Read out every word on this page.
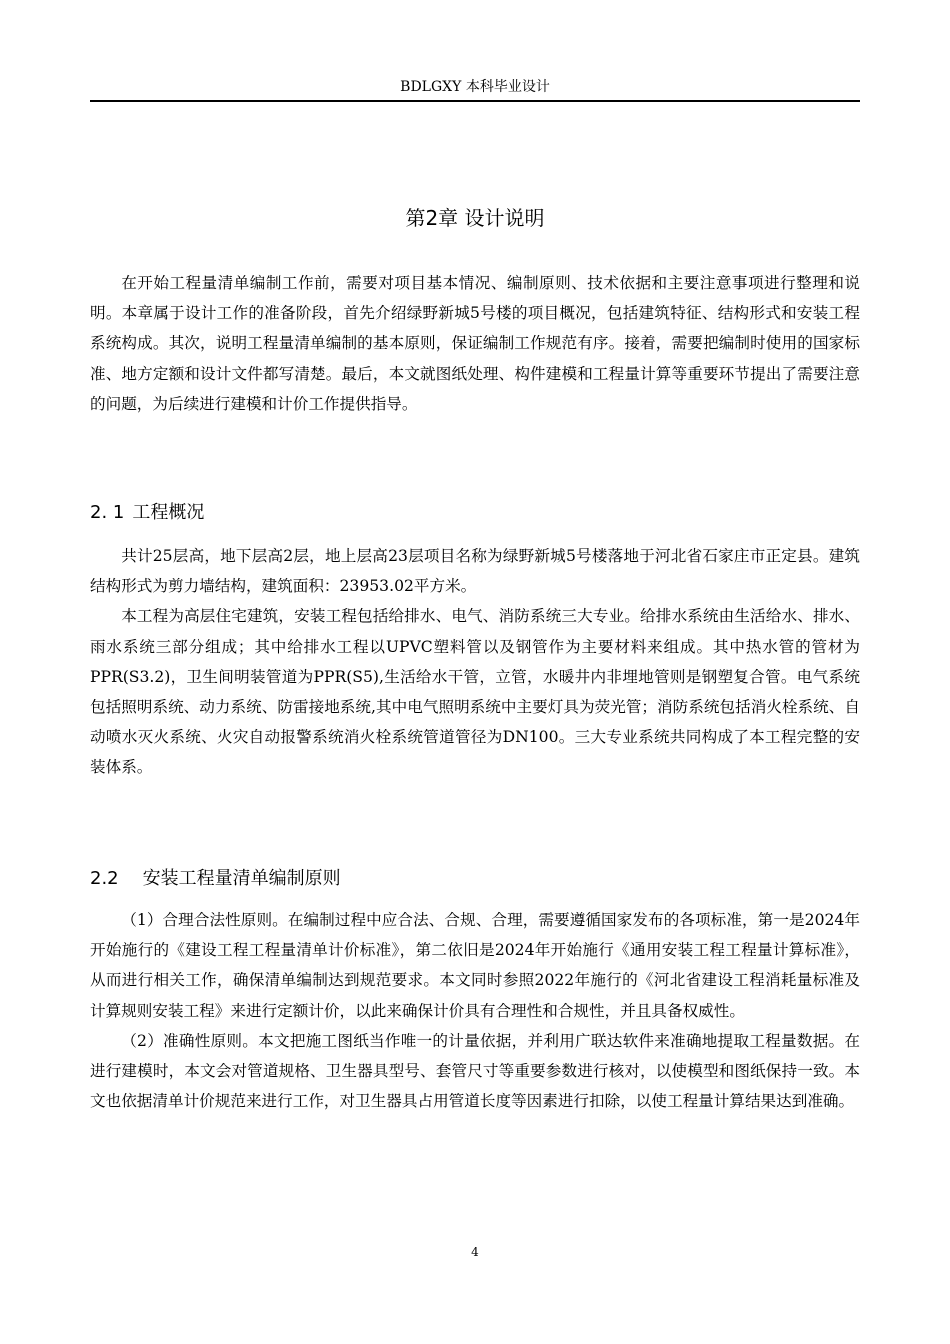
BDLGXY 本科毕业设计
第2章 设计说明

在开始工程量清单编制工作前，需要对项目基本情况、编制原则、技术依据和主要注意事项进行整理和说明。本章属于设计工作的准备阶段，首先介绍绿野新城5号楼的项目概况，包括建筑特征、结构形式和安装工程系统构成。其次，说明工程量清单编制的基本原则，保证编制工作规范有序。接着，需要把编制时使用的国家标准、地方定额和设计文件都写清楚。最后，本文就图纸处理、构件建模和工程量计算等重要环节提出了需要注意的问题，为后续进行建模和计价工作提供指导。

2. 1 工程概况

共计25层高，地下层高2层，地上层高23层项目名称为绿野新城5号楼落地于河北省石家庄市正定县。建筑结构形式为剪力墙结构，建筑面积：23953.02平方米。

本工程为高层住宅建筑，安装工程包括给排水、电气、消防系统三大专业。给排水系统由生活给水、排水、雨水系统三部分组成；其中给排水工程以UPVC塑料管以及钢管作为主要材料来组成。其中热水管的管材为PPR(S3.2)，卫生间明装管道为PPR(S5),生活给水干管，立管，水暖井内非埋地管则是钢塑复合管。电气系统包括照明系统、动力系统、防雷接地系统,其中电气照明系统中主要灯具为荧光管；消防系统包括消火栓系统、自动喷水灭火系统、火灾自动报警系统消火栓系统管道管径为DN100。三大专业系统共同构成了本工程完整的安装体系。

2.2 安装工程量清单编制原则

（1）合理合法性原则。在编制过程中应合法、合规、合理，需要遵循国家发布的各项标准，第一是2024年开始施行的《建设工程工程量清单计价标准》，第二依旧是2024年开始施行《通用安装工程工程量计算标准》，从而进行相关工作，确保清单编制达到规范要求。本文同时参照2022年施行的《河北省建设工程消耗量标准及计算规则安装工程》来进行定额计价，以此来确保计价具有合理性和合规性，并且具备权威性。

（2）准确性原则。本文把施工图纸当作唯一的计量依据，并利用广联达软件来准确地提取工程量数据。在进行建模时，本文会对管道规格、卫生器具型号、套管尺寸等重要参数进行核对，以使模型和图纸保持一致。本文也依据清单计价规范来进行工作，对卫生器具占用管道长度等因素进行扣除，以使工程量计算结果达到准确。

4
